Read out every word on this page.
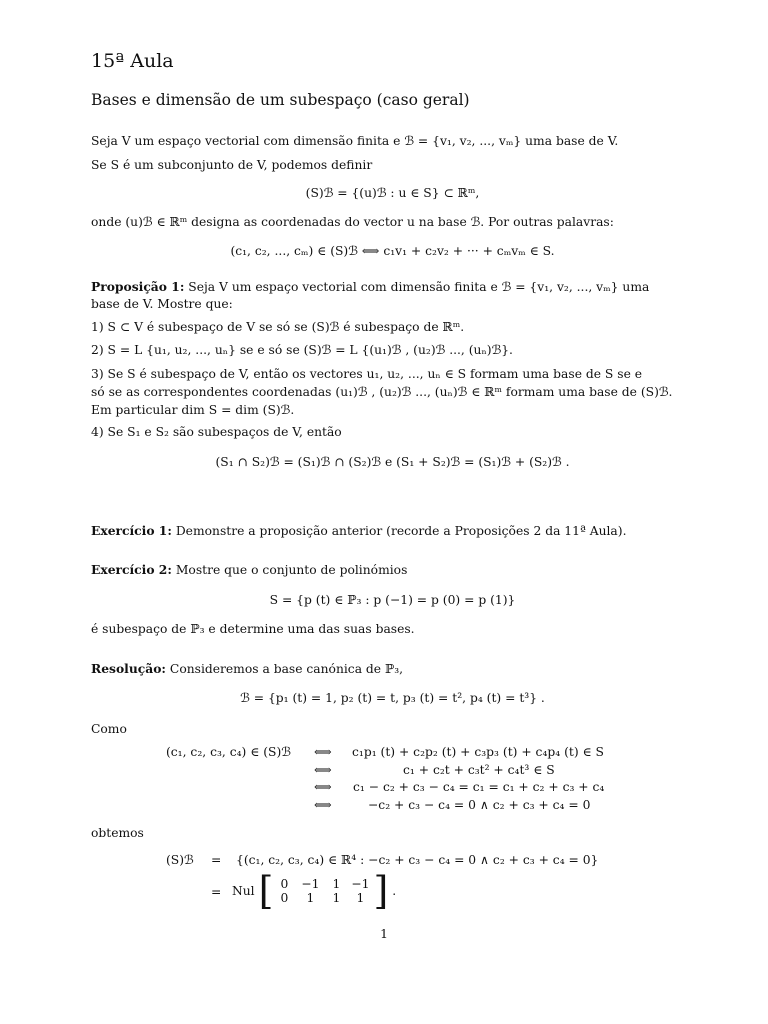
15ª Aula
Bases e dimensão de um subespaço (caso geral)
Seja V um espaço vectorial com dimensão finita e ℬ = {v₁, v₂, ..., vₘ} uma base de V.
Se S é um subconjunto de V, podemos definir
(S)ℬ = {(u)ℬ : u ∈ S} ⊂ ℝᵐ,
onde (u)ℬ ∈ ℝᵐ designa as coordenadas do vector u na base ℬ. Por outras palavras:
(c₁, c₂, ..., cₘ) ∈ (S)ℬ ⟺ c₁v₁ + c₂v₂ + ··· + cₘvₘ ∈ S.
Proposição 1: Seja V um espaço vectorial com dimensão finita e ℬ = {v₁, v₂, ..., vₘ} uma
base de V. Mostre que:
1) S ⊂ V é subespaço de V se só se (S)ℬ é subespaço de ℝᵐ.
2) S = L {u₁, u₂, ..., uₙ} se e só se (S)ℬ = L {(u₁)ℬ , (u₂)ℬ ..., (uₙ)ℬ}.
3) Se S é subespaço de V, então os vectores u₁, u₂, ..., uₙ ∈ S formam uma base de S se e
só se as correspondentes coordenadas (u₁)ℬ , (u₂)ℬ ..., (uₙ)ℬ ∈ ℝᵐ formam uma base de (S)ℬ.
Em particular dim S = dim (S)ℬ.
4) Se S₁ e S₂ são subespaços de V, então
(S₁ ∩ S₂)ℬ = (S₁)ℬ ∩ (S₂)ℬ e (S₁ + S₂)ℬ = (S₁)ℬ + (S₂)ℬ .
Exercício 1: Demonstre a proposição anterior (recorde a Proposições 2 da 11ª Aula).
Exercício 2: Mostre que o conjunto de polinómios
S = {p (t) ∈ ℙ₃ : p (−1) = p (0) = p (1)}
é subespaço de ℙ₃ e determine uma das suas bases.
Resolução: Consideremos a base canónica de ℙ₃,
ℬ = {p₁ (t) = 1, p₂ (t) = t, p₃ (t) = t², p₄ (t) = t³} .
Como
(c₁, c₂, c₃, c₄) ∈ (S)ℬ ⟺ c₁p₁ (t) + c₂p₂ (t) + c₃p₃ (t) + c₄p₄ (t) ∈ S
⟺	c₁ + c₂t + c₃t² + c₄t³ ∈ S
⟺ c₁ − c₂ + c₃ − c₄ = c₁ = c₁ + c₂ + c₃ + c₄
⟺	−c₂ + c₃ − c₄ = 0 ∧ c₂ + c₃ + c₄ = 0
obtemos
(S)ℬ = {(c₁, c₂, c₃, c₄) ∈ ℝ⁴ : −c₂ + c₃ − c₄ = 0 ∧ c₂ + c₃ + c₄ = 0}
= Nul [ 0	−1	1 −1
0	1	1	1 ] .
1
